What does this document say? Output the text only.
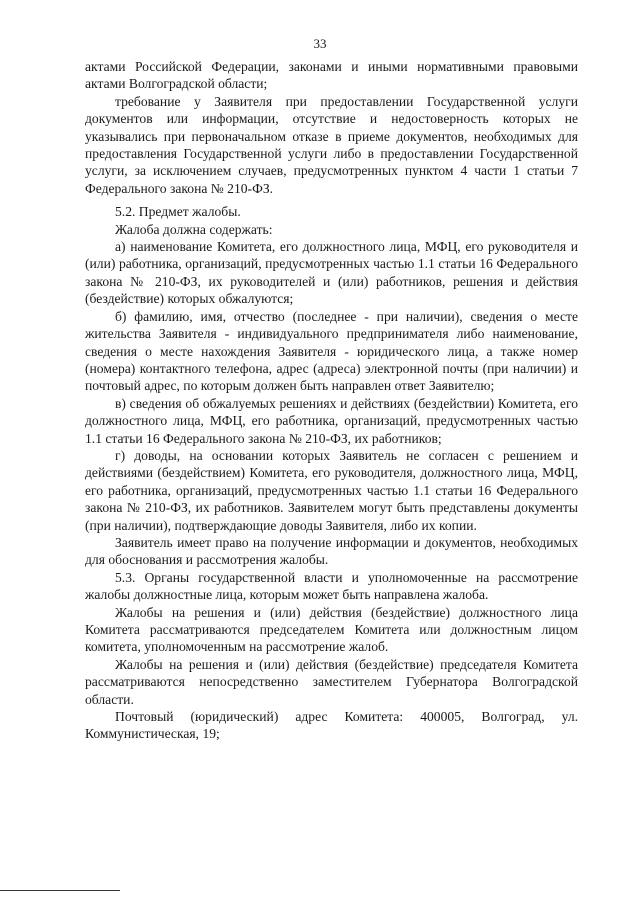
33

актами Российской Федерации, законами и иными нормативными правовыми актами Волгоградской области;

требование у Заявителя при предоставлении Государственной услуги документов или информации, отсутствие и недостоверность которых не указывались при первоначальном отказе в приеме документов, необходимых для предоставления Государственной услуги либо в предоставлении Государственной услуги, за исключением случаев, предусмотренных пунктом 4 части 1 статьи 7 Федерального закона № 210-ФЗ.

5.2. Предмет жалобы.

Жалоба должна содержать:

а) наименование Комитета, его должностного лица, МФЦ, его руководителя и (или) работника, организаций, предусмотренных частью 1.1 статьи 16 Федерального закона № 210-ФЗ, их руководителей и (или) работников, решения и действия (бездействие) которых обжалуются;

б) фамилию, имя, отчество (последнее - при наличии), сведения о месте жительства Заявителя - индивидуального предпринимателя либо наименование, сведения о месте нахождения Заявителя - юридического лица, а также номер (номера) контактного телефона, адрес (адреса) электронной почты (при наличии) и почтовый адрес, по которым должен быть направлен ответ Заявителю;

в) сведения об обжалуемых решениях и действиях (бездействии) Комитета, его должностного лица, МФЦ, его работника, организаций, предусмотренных частью 1.1 статьи 16 Федерального закона № 210-ФЗ, их работников;

г) доводы, на основании которых Заявитель не согласен с решением и действиями (бездействием) Комитета, его руководителя, должностного лица, МФЦ, его работника, организаций, предусмотренных частью 1.1 статьи 16 Федерального закона № 210-ФЗ, их работников. Заявителем могут быть представлены документы (при наличии), подтверждающие доводы Заявителя, либо их копии.

Заявитель имеет право на получение информации и документов, необходимых для обоснования и рассмотрения жалобы.

5.3. Органы государственной власти и уполномоченные на рассмотрение жалобы должностные лица, которым может быть направлена жалоба.

Жалобы на решения и (или) действия (бездействие) должностного лица Комитета рассматриваются председателем Комитета или должностным лицом комитета, уполномоченным на рассмотрение жалоб.

Жалобы на решения и (или) действия (бездействие) председателя Комитета рассматриваются непосредственно заместителем Губернатора Волгоградской области.

Почтовый (юридический) адрес Комитета: 400005, Волгоград, ул. Коммунистическая, 19;
